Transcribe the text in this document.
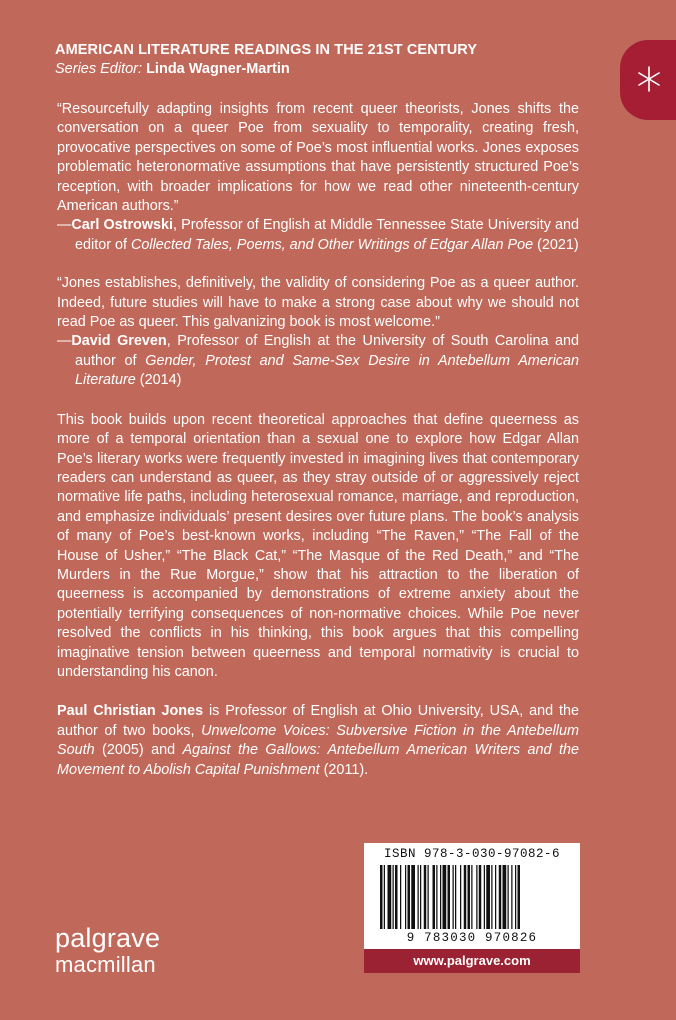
AMERICAN LITERATURE READINGS IN THE 21ST CENTURY
Series Editor: Linda Wagner-Martin

“Resourcefully adapting insights from recent queer theorists, Jones shifts the conversation on a queer Poe from sexuality to temporality, creating fresh, provocative perspectives on some of Poe’s most influential works. Jones exposes problematic heteronormative assumptions that have persistently structured Poe’s reception, with broader implications for how we read other nineteenth-century American authors.”

—Carl Ostrowski, Professor of English at Middle Tennessee State University and editor of Collected Tales, Poems, and Other Writings of Edgar Allan Poe (2021)

“Jones establishes, definitively, the validity of considering Poe as a queer author. Indeed, future studies will have to make a strong case about why we should not read Poe as queer. This galvanizing book is most welcome.”

—David Greven, Professor of English at the University of South Carolina and author of Gender, Protest and Same-Sex Desire in Antebellum American Literature (2014)

This book builds upon recent theoretical approaches that define queerness as more of a temporal orientation than a sexual one to explore how Edgar Allan Poe’s literary works were frequently invested in imagining lives that contemporary readers can understand as queer, as they stray outside of or aggressively reject normative life paths, including heterosexual romance, marriage, and reproduction, and emphasize individuals’ present desires over future plans. The book’s analysis of many of Poe’s best-known works, including “The Raven,” “The Fall of the House of Usher,” “The Black Cat,” “The Masque of the Red Death,” and “The Murders in the Rue Morgue,” show that his attraction to the liberation of queerness is accompanied by demonstrations of extreme anxiety about the potentially terrifying consequences of non-normative choices. While Poe never resolved the conflicts in his thinking, this book argues that this compelling imaginative tension between queerness and temporal normativity is crucial to understanding his canon.

Paul Christian Jones is Professor of English at Ohio University, USA, and the author of two books, Unwelcome Voices: Subversive Fiction in the Antebellum South (2005) and Against the Gallows: Antebellum American Writers and the Movement to Abolish Capital Punishment (2011).

ISBN 978-3-030-97082-6
9 783030 970826
www.palgrave.com
palgrave
macmillan
